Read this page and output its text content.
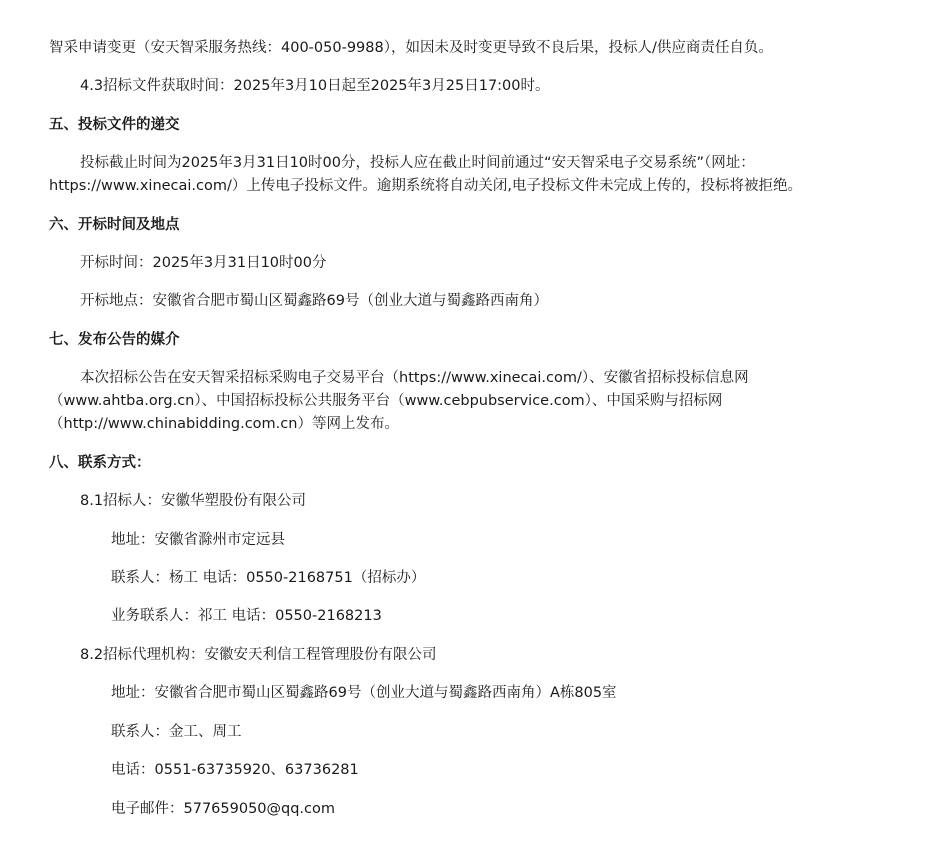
智采申请变更（安天智采服务热线：400-050-9988），如因未及时变更导致不良后果，投标人/供应商责任自负。
4.3招标文件获取时间：2025年3月10日起至2025年3月25日17:00时。
五、投标文件的递交
投标截止时间为2025年3月31日10时00分，投标人应在截止时间前通过“安天智采电子交易系统”（网址：
https://www.xinecai.com/）上传电子投标文件。逾期系统将自动关闭,电子投标文件未完成上传的，投标将被拒绝。
六、开标时间及地点
开标时间：2025年3月31日10时00分
开标地点：安徽省合肥市蜀山区蜀鑫路69号（创业大道与蜀鑫路西南角）
七、发布公告的媒介
本次招标公告在安天智采招标采购电子交易平台（https://www.xinecai.com/）、安徽省招标投标信息网
（www.ahtba.org.cn）、中国招标投标公共服务平台（www.cebpubservice.com）、中国采购与招标网
（http://www.chinabidding.com.cn）等网上发布。
八、联系方式：
8.1招标人：安徽华塑股份有限公司
地址：安徽省滁州市定远县
联系人：杨工 电话：0550-2168751（招标办）
业务联系人：祁工 电话：0550-2168213
8.2招标代理机构：安徽安天利信工程管理股份有限公司
地址：安徽省合肥市蜀山区蜀鑫路69号（创业大道与蜀鑫路西南角）A栋805室
联系人：金工、周工
电话：0551-63735920、63736281
电子邮件：577659050@qq.com
